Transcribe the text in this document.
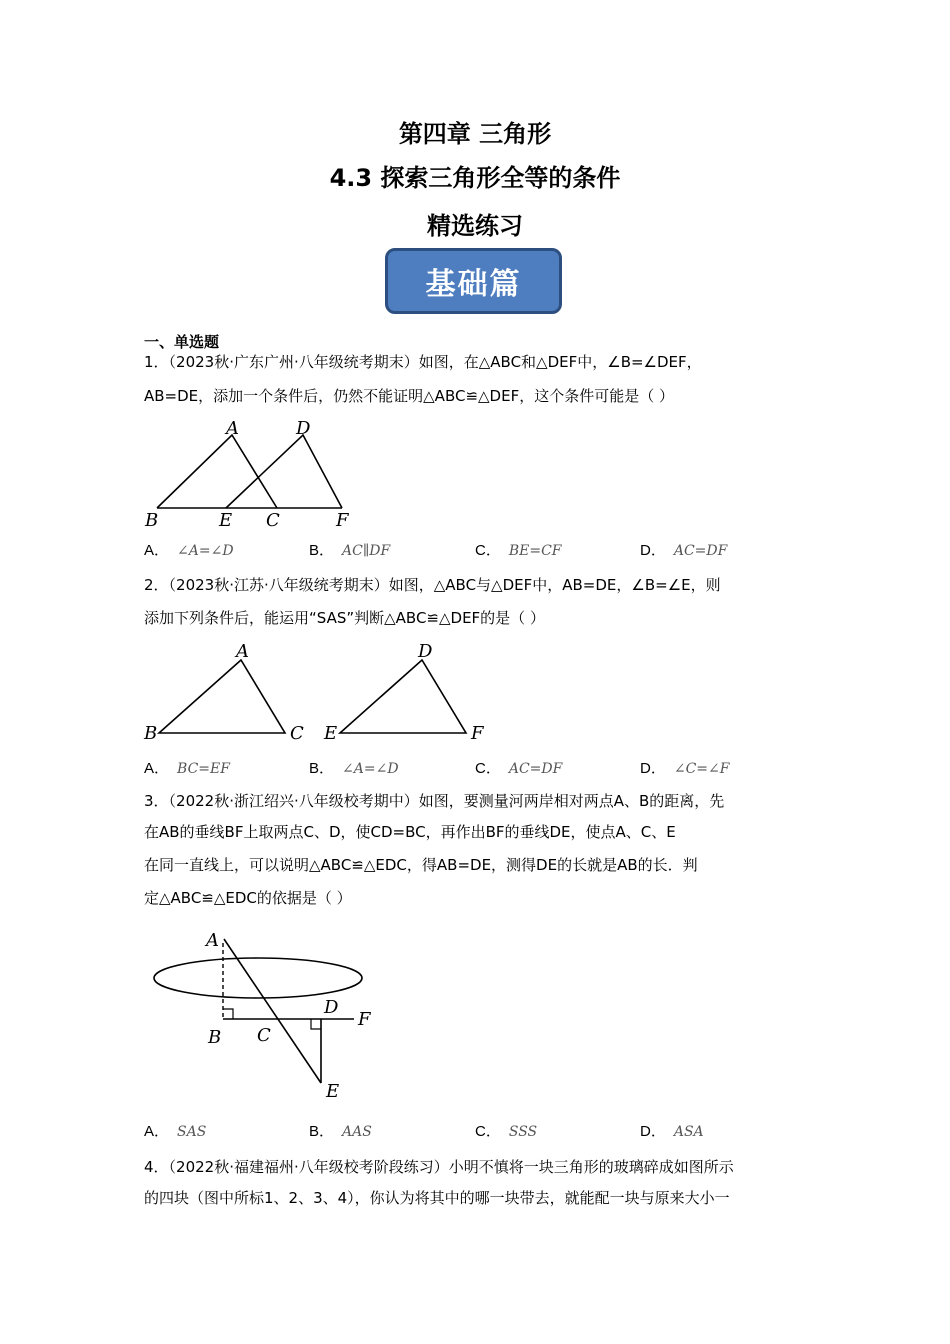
第四章 三角形
4.3 探索三角形全等的条件
精选练习
基础篇
一、单选题
1．（2023秋·广东广州·八年级统考期末）如图，在△ABC和△DEF中，∠B=∠DEF，
AB=DE，添加一个条件后，仍然不能证明△ABC≌△DEF，这个条件可能是（ ）
A	D
B	E C	F
A． ∠A=∠D	B． AC∥DF	C． BE=CF	D． AC=DF
2．（2023秋·江苏·八年级统考期末）如图，△ABC与△DEF中，AB=DE，∠B=∠E，则
添加下列条件后，能运用“SAS”判断△ABC≌△DEF的是（ ）
A	D
B	C E	F
A． BC=EF	B． ∠A=∠D	C． AC=DF	D． ∠C=∠F
3．（2022秋·浙江绍兴·八年级校考期中）如图，要测量河两岸相对两点A、B的距离，先
在AB的垂线BF上取两点C、D，使CD=BC，再作出BF的垂线DE，使点A、C、E
在同一直线上，可以说明△ABC≌△EDC，得AB=DE，测得DE的长就是AB的长．判
定△ABC≌△EDC的依据是（ ）
A
D
F
B C
E
A． SAS	B． AAS	C． SSS	D． ASA
4．（2022秋·福建福州·八年级校考阶段练习）小明不慎将一块三角形的玻璃碎成如图所示
的四块（图中所标1、2、3、4），你认为将其中的哪一块带去，就能配一块与原来大小一
